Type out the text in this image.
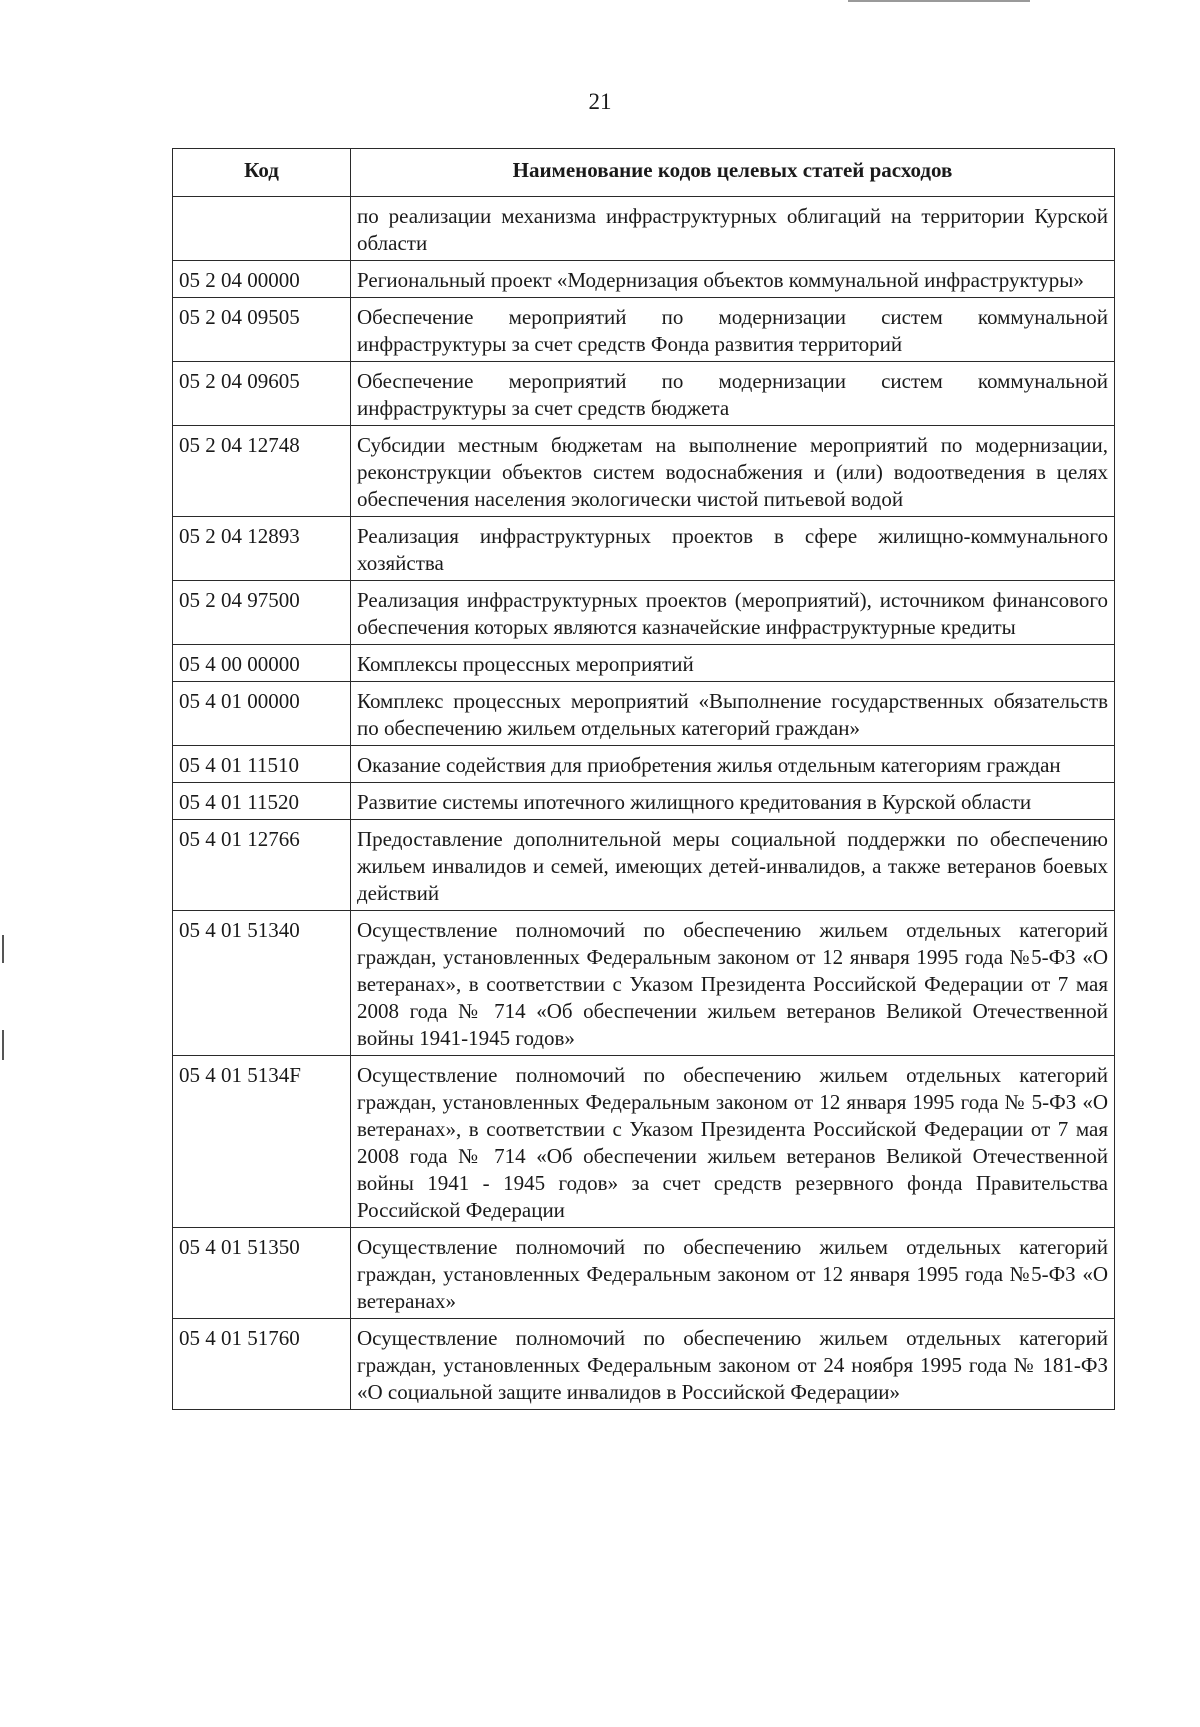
21
Код	Наименование кодов целевых статей расходов
	по реализации механизма инфраструктурных облигаций на территории Курской области
05 2 04 00000	Региональный проект «Модернизация объектов коммунальной инфраструктуры»
05 2 04 09505	Обеспечение мероприятий по модернизации систем коммунальной инфраструктуры за счет средств Фонда развития территорий
05 2 04 09605	Обеспечение мероприятий по модернизации систем коммунальной инфраструктуры за счет средств бюджета
05 2 04 12748	Субсидии местным бюджетам на выполнение мероприятий по модернизации, реконструкции объектов систем водоснабжения и (или) водоотведения в целях обеспечения населения экологически чистой питьевой водой
05 2 04 12893	Реализация инфраструктурных проектов в сфере жилищно-коммунального хозяйства
05 2 04 97500	Реализация инфраструктурных проектов (мероприятий), источником финансового обеспечения которых являются казначейские инфраструктурные кредиты
05 4 00 00000	Комплексы процессных мероприятий
05 4 01 00000	Комплекс процессных мероприятий «Выполнение государственных обязательств по обеспечению жильем отдельных категорий граждан»
05 4 01 11510	Оказание содействия для приобретения жилья отдельным категориям граждан
05 4 01 11520	Развитие системы ипотечного жилищного кредитования в Курской области
05 4 01 12766	Предоставление дополнительной меры социальной поддержки по обеспечению жильем инвалидов и семей, имеющих детей-инвалидов, а также ветеранов боевых действий
05 4 01 51340	Осуществление полномочий по обеспечению жильем отдельных категорий граждан, установленных Федеральным законом от 12 января 1995 года №5-ФЗ «О ветеранах», в соответствии с Указом Президента Российской Федерации от 7 мая 2008 года № 714 «Об обеспечении жильем ветеранов Великой Отечественной войны 1941-1945 годов»
05 4 01 5134F	Осуществление полномочий по обеспечению жильем отдельных категорий граждан, установленных Федеральным законом от 12 января 1995 года № 5-ФЗ «О ветеранах», в соответствии с Указом Президента Российской Федерации от 7 мая 2008 года № 714 «Об обеспечении жильем ветеранов Великой Отечественной войны 1941 - 1945 годов» за счет средств резервного фонда Правительства Российской Федерации
05 4 01 51350	Осуществление полномочий по обеспечению жильем отдельных категорий граждан, установленных Федеральным законом от 12 января 1995 года №5-ФЗ «О ветеранах»
05 4 01 51760	Осуществление полномочий по обеспечению жильем отдельных категорий граждан, установленных Федеральным законом от 24 ноября 1995 года № 181-ФЗ «О социальной защите инвалидов в Российской Федерации»
